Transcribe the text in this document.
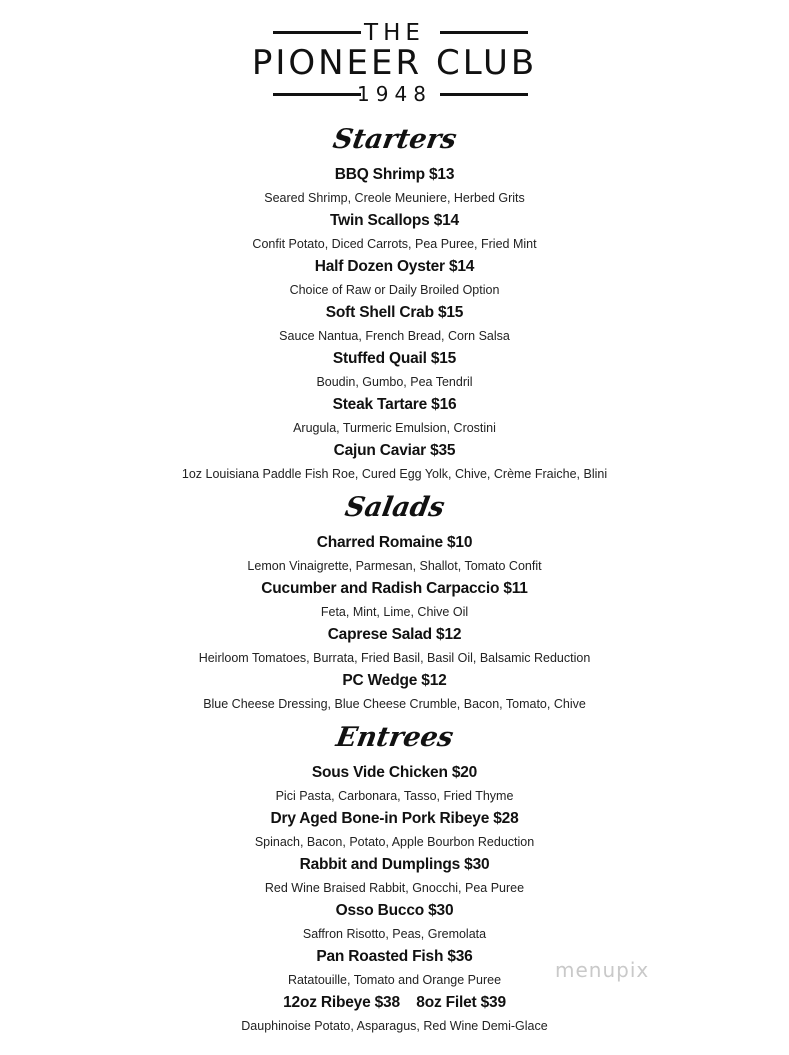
THE
PIONEER CLUB
1948
Starters
BBQ Shrimp $13
Seared Shrimp, Creole Meuniere, Herbed Grits
Twin Scallops $14
Confit Potato, Diced Carrots, Pea Puree, Fried Mint
Half Dozen Oyster $14
Choice of Raw or Daily Broiled Option
Soft Shell Crab $15
Sauce Nantua, French Bread, Corn Salsa
Stuffed Quail $15
Boudin, Gumbo, Pea Tendril
Steak Tartare $16
Arugula, Turmeric Emulsion, Crostini
Cajun Caviar $35
1oz Louisiana Paddle Fish Roe, Cured Egg Yolk, Chive, Crème Fraiche, Blini
Salads
Charred Romaine $10
Lemon Vinaigrette, Parmesan, Shallot, Tomato Confit
Cucumber and Radish Carpaccio $11
Feta, Mint, Lime, Chive Oil
Caprese Salad $12
Heirloom Tomatoes, Burrata, Fried Basil, Basil Oil, Balsamic Reduction
PC Wedge $12
Blue Cheese Dressing, Blue Cheese Crumble, Bacon, Tomato, Chive
Entrees
Sous Vide Chicken $20
Pici Pasta, Carbonara, Tasso, Fried Thyme
Dry Aged Bone-in Pork Ribeye $28
Spinach, Bacon, Potato, Apple Bourbon Reduction
Rabbit and Dumplings $30
Red Wine Braised Rabbit, Gnocchi, Pea Puree
Osso Bucco $30
Saffron Risotto, Peas, Gremolata
Pan Roasted Fish $36
Ratatouille, Tomato and Orange Puree
12oz Ribeye $38    8oz Filet $39
Dauphinoise Potato, Asparagus, Red Wine Demi-Glace
menupix
